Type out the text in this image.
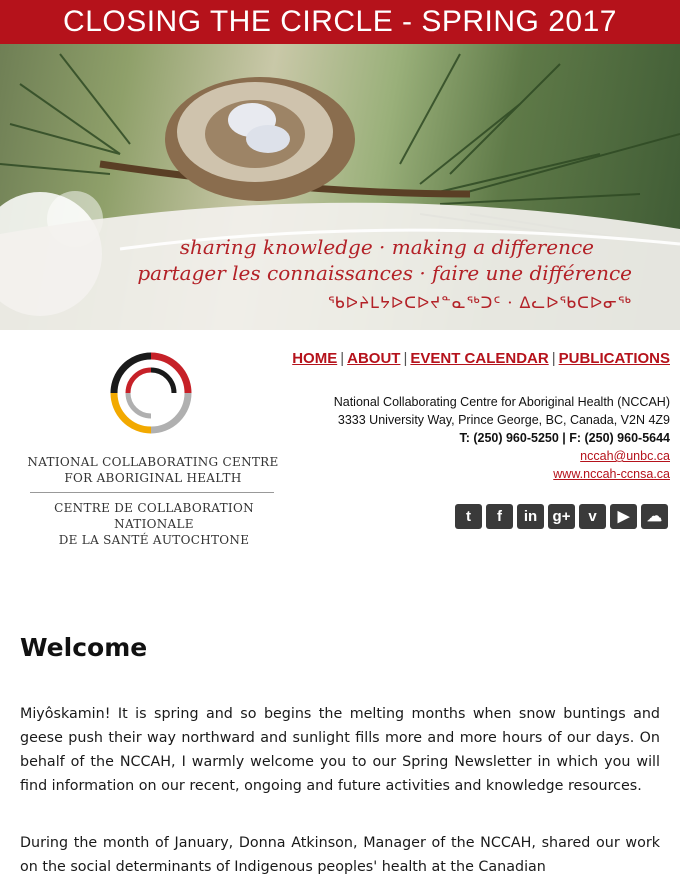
CLOSING THE CIRCLE - SPRING 2017
sharing knowledge · making a difference
partager les connaissances · faire une différence
ᖃᐅᔨᒪᔭᐅᑕᐅᔪᓐᓇᖅᑐᑦ · ᐃᓚᐅᖃᑕᐅᓂᖅ
NATIONAL COLLABORATING CENTRE
FOR ABORIGINAL HEALTH
CENTRE DE COLLABORATION NATIONALE
DE LA SANTÉ AUTOCHTONE
HOME | ABOUT | EVENT CALENDAR | PUBLICATIONS
National Collaborating Centre for Aboriginal Health (NCCAH)
3333 University Way, Prince George, BC, Canada, V2N 4Z9
T: (250) 960-5250 | F: (250) 960-5644
nccah@unbc.ca
www.nccah-ccnsa.ca
t	f	in	g+	v	▶	☁
Welcome

Miyôskamin! It is spring and so begins the melting months when snow buntings and geese push their way northward and sunlight fills more and more hours of our days. On behalf of the NCCAH, I warmly welcome you to our Spring Newsletter in which you will find information on our recent, ongoing and future activities and knowledge resources.

During the month of January, Donna Atkinson, Manager of the NCCAH, shared our work on the social determinants of Indigenous peoples' health at the Canadian
